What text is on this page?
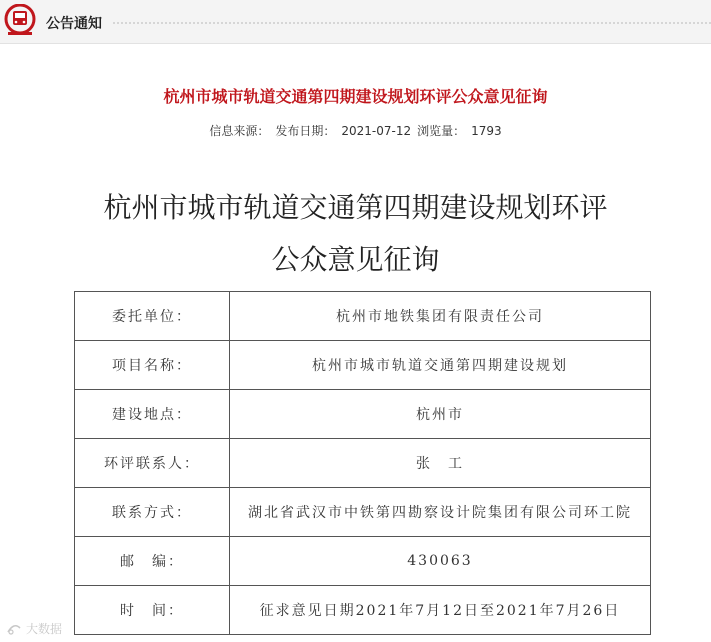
公告通知
杭州市城市轨道交通第四期建设规划环评公众意见征询
信息来源： 发布日期： 2021-07-12 浏览量： 1793
杭州市城市轨道交通第四期建设规划环评
公众意见征询
委托单位：	杭州市地铁集团有限责任公司
项目名称：	杭州市城市轨道交通第四期建设规划
建设地点：	杭州市
环评联系人：	张　工
联系方式：	湖北省武汉市中铁第四勘察设计院集团有限公司环工院
邮　编：	430063
时　间：	征求意见日期2021年7月12日至2021年7月26日
大数据
